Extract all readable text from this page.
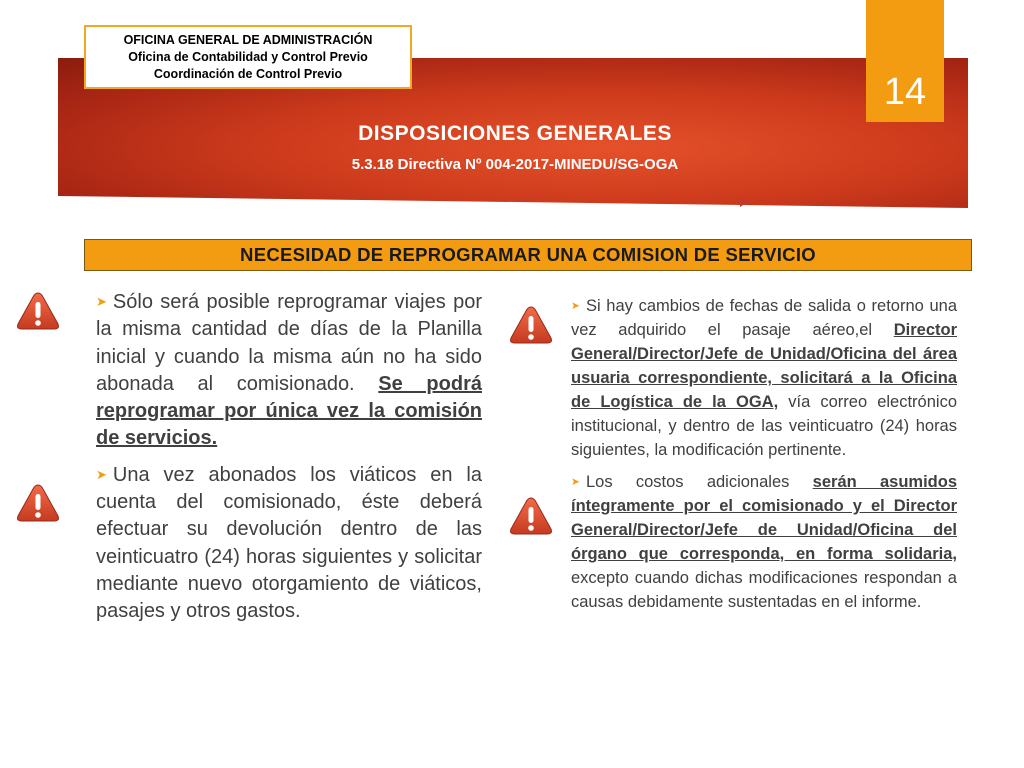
OFICINA GENERAL DE ADMINISTRACIÓN
Oficina de Contabilidad y Control Previo
Coordinación de Control Previo	14
DISPOSICIONES GENERALES
5.3.18 Directiva Nº 004-2017-MINEDU/SG-OGA
NECESIDAD DE REPROGRAMAR UNA COMISION DE SERVICIO

➤ Sólo será posible reprogramar viajes por la misma cantidad de días de la Planilla inicial y cuando la misma aún no ha sido abonada al comisionado. Se podrá reprogramar por única vez la comisión de servicios.

➤ Una vez abonados los viáticos en la cuenta del comisionado, éste deberá efectuar su devolución dentro de las veinticuatro (24) horas siguientes y solicitar mediante nuevo otorgamiento de viáticos, pasajes y otros gastos.

➤ Si hay cambios de fechas de salida o retorno una vez adquirido el pasaje aéreo,el Director General/Director/Jefe de Unidad/Oficina del área usuaria correspondiente, solicitará a la Oficina de Logística de la OGA, vía correo electrónico institucional, y dentro de las veinticuatro (24) horas siguientes, la modificación pertinente.

➤ Los costos adicionales serán asumidos íntegramente por el comisionado y el Director General/Director/Jefe de Unidad/Oficina del órgano que corresponda, en forma solidaria, excepto cuando dichas modificaciones respondan a causas debidamente sustentadas en el informe.
